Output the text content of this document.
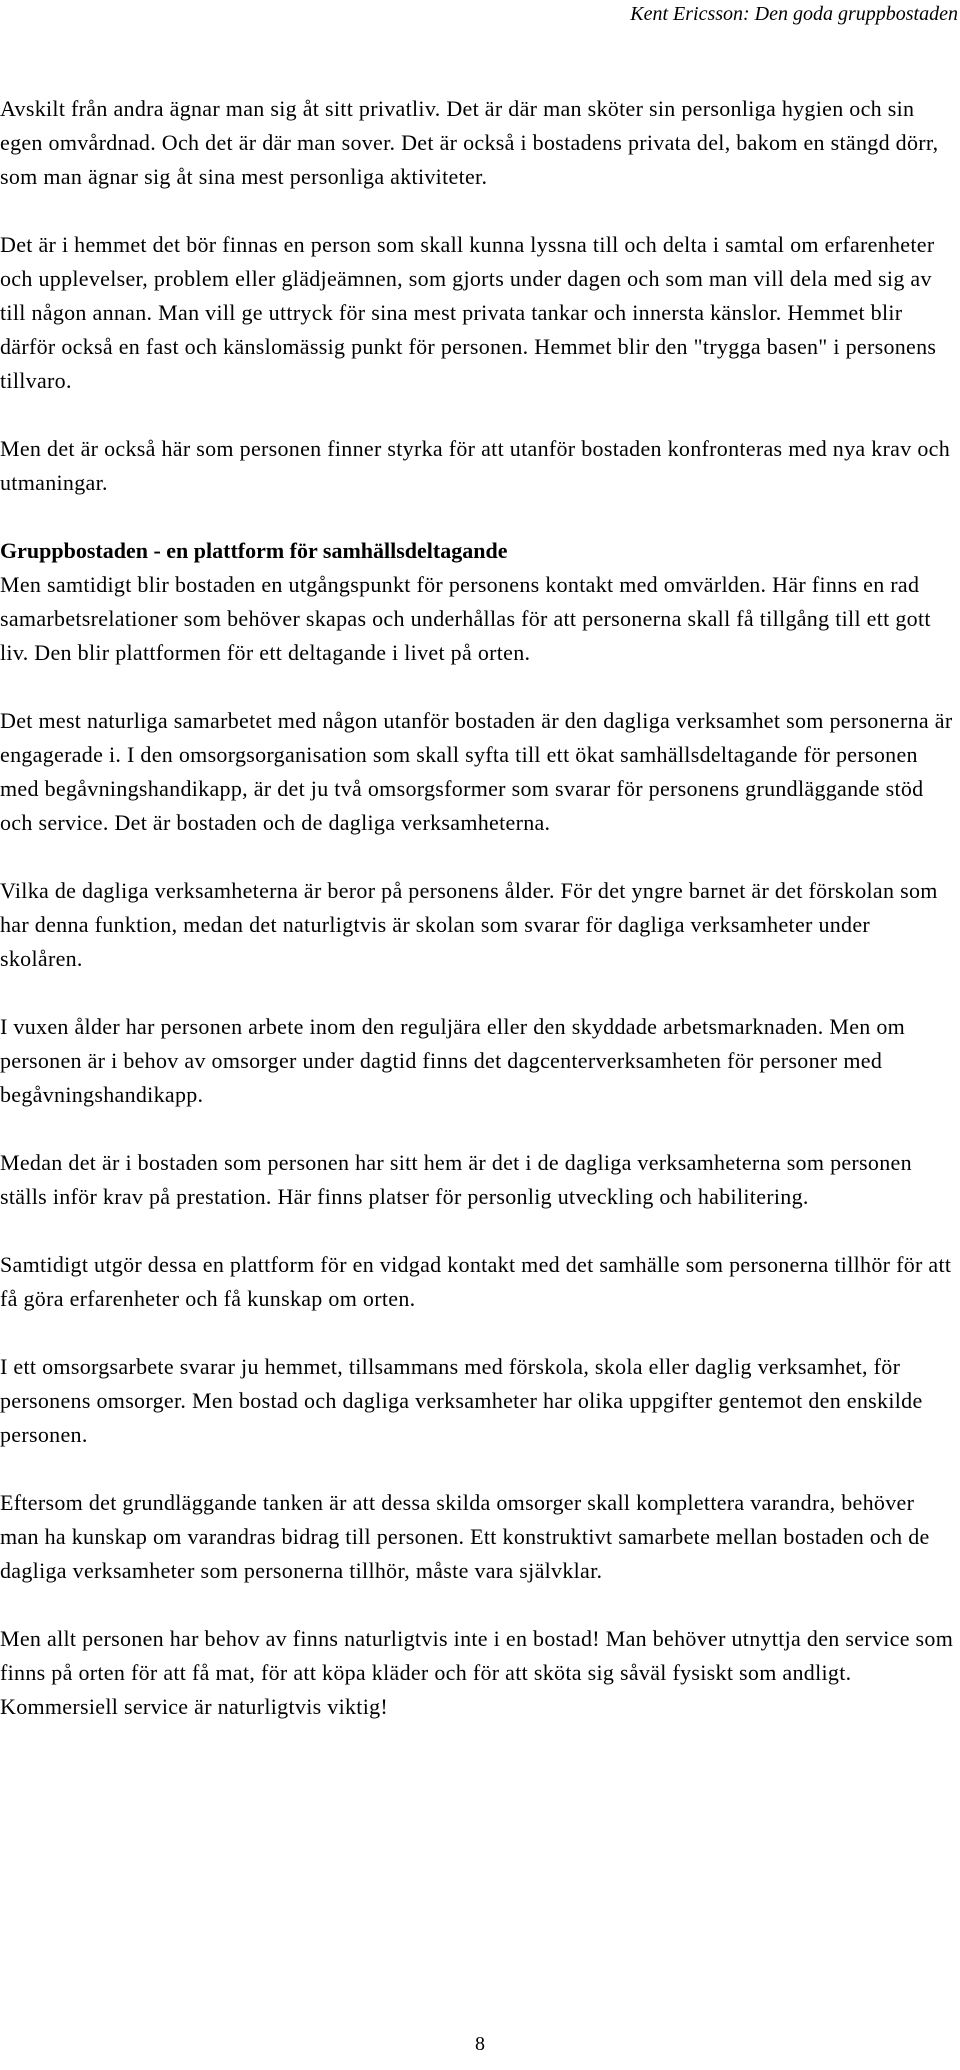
Kent Ericsson: Den goda gruppbostaden

Avskilt från andra ägnar man sig åt sitt privatliv. Det är där man sköter sin personliga hygien och sin egen omvårdnad. Och det är där man sover. Det är också i bostadens privata del, bakom en stängd dörr, som man ägnar sig åt sina mest personliga aktiviteter.

Det är i hemmet det bör finnas en person som skall kunna lyssna till och delta i samtal om erfarenheter och upplevelser, problem eller glädjeämnen, som gjorts under dagen och som man vill dela med sig av till någon annan. Man vill ge uttryck för sina mest privata tankar och innersta känslor. Hemmet blir därför också en fast och känslomässig punkt för personen. Hemmet blir den "trygga basen" i personens tillvaro.

Men det är också här som personen finner styrka för att utanför bostaden konfronteras med nya krav och utmaningar.

Gruppbostaden - en plattform för samhällsdeltagande
Men samtidigt blir bostaden en utgångspunkt för personens kontakt med omvärlden. Här finns en rad samarbetsrelationer som behöver skapas och underhållas för att personerna skall få tillgång till ett gott liv. Den blir plattformen för ett deltagande i livet på orten.

Det mest naturliga samarbetet med någon utanför bostaden är den dagliga verksamhet som personerna är engagerade i. I den omsorgsorganisation som skall syfta till ett ökat samhällsdeltagande för personen med begåvningshandikapp, är det ju två omsorgsformer som svarar för personens grundläggande stöd och service. Det är bostaden och de dagliga verksamheterna.

Vilka de dagliga verksamheterna är beror på personens ålder. För det yngre barnet är det förskolan som har denna funktion, medan det naturligtvis är skolan som svarar för dagliga verksamheter under skolåren.

I vuxen ålder har personen arbete inom den reguljära eller den skyddade arbetsmarknaden. Men om personen är i behov av omsorger under dagtid finns det dagcenterverksamheten för personer med begåvningshandikapp.

Medan det är i bostaden som personen har sitt hem är det i de dagliga verksamheterna som personen ställs inför krav på prestation. Här finns platser för personlig utveckling och habilitering.

Samtidigt utgör dessa en plattform för en vidgad kontakt med det samhälle som personerna tillhör för att få göra erfarenheter och få kunskap om orten.

I ett omsorgsarbete svarar ju hemmet, tillsammans med förskola, skola eller daglig verksamhet, för personens omsorger. Men bostad och dagliga verksamheter har olika uppgifter gentemot den enskilde personen.

Eftersom det grundläggande tanken är att dessa skilda omsorger skall komplettera varandra, behöver man ha kunskap om varandras bidrag till personen. Ett konstruktivt samarbete mellan bostaden och de dagliga verksamheter som personerna tillhör, måste vara självklar.

Men allt personen har behov av finns naturligtvis inte i en bostad! Man behöver utnyttja den service som finns på orten för att få mat, för att köpa kläder och för att sköta sig såväl fysiskt som andligt. Kommersiell service är naturligtvis viktig!

8
